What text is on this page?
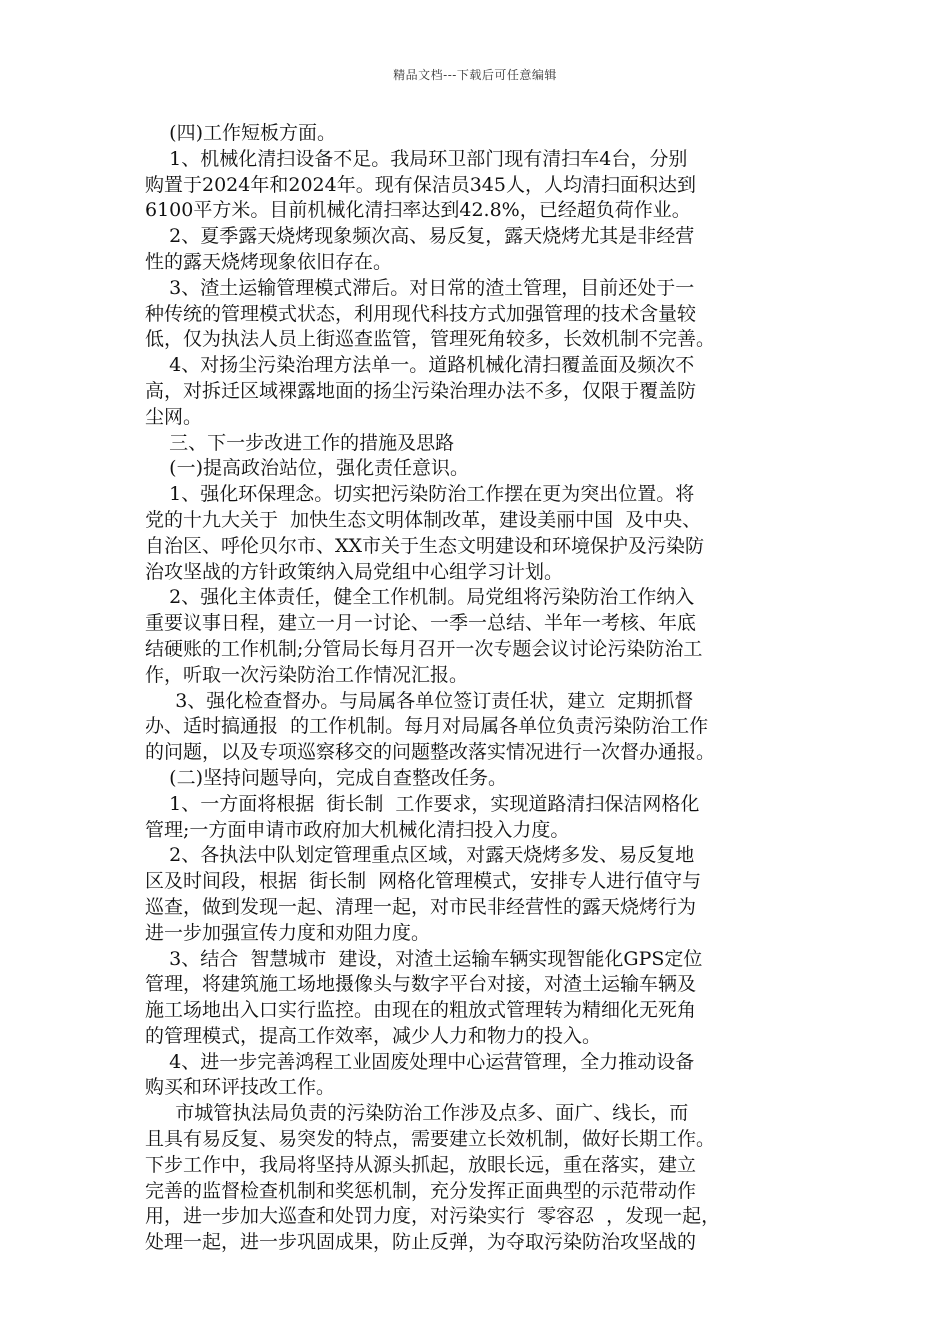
精品文档---下载后可任意编辑
(四)工作短板方面。
1、机械化清扫设备不足。我局环卫部门现有清扫车4台，分别
购置于2024年和2024年。现有保洁员345人，人均清扫面积达到
6100平方米。目前机械化清扫率达到42.8%，已经超负荷作业。
2、夏季露天烧烤现象频次高、易反复，露天烧烤尤其是非经营
性的露天烧烤现象依旧存在。
3、渣土运输管理模式滞后。对日常的渣土管理，目前还处于一
种传统的管理模式状态，利用现代科技方式加强管理的技术含量较
低，仅为执法人员上街巡查监管，管理死角较多，长效机制不完善。
4、对扬尘污染治理方法单一。道路机械化清扫覆盖面及频次不
高，对拆迁区域裸露地面的扬尘污染治理办法不多，仅限于覆盖防
尘网。
三、下一步改进工作的措施及思路
(一)提高政治站位，强化责任意识。
1、强化环保理念。切实把污染防治工作摆在更为突出位置。将
党的十九大关于  加快生态文明体制改革，建设美丽中国  及中央、
自治区、呼伦贝尔市、XX市关于生态文明建设和环境保护及污染防
治攻坚战的方针政策纳入局党组中心组学习计划。
2、强化主体责任，健全工作机制。局党组将污染防治工作纳入
重要议事日程，建立一月一讨论、一季一总结、半年一考核、年底
结硬账的工作机制;分管局长每月召开一次专题会议讨论污染防治工
作，听取一次污染防治工作情况汇报。
3、强化检查督办。与局属各单位签订责任状，建立  定期抓督
办、适时搞通报  的工作机制。每月对局属各单位负责污染防治工作
的问题，以及专项巡察移交的问题整改落实情况进行一次督办通报。
(二)坚持问题导向，完成自查整改任务。
1、一方面将根据  街长制  工作要求，实现道路清扫保洁网格化
管理;一方面申请市政府加大机械化清扫投入力度。
2、各执法中队划定管理重点区域，对露天烧烤多发、易反复地
区及时间段，根据  街长制  网格化管理模式，安排专人进行值守与
巡查，做到发现一起、清理一起，对市民非经营性的露天烧烤行为
进一步加强宣传力度和劝阻力度。
3、结合  智慧城市  建设，对渣土运输车辆实现智能化GPS定位
管理，将建筑施工场地摄像头与数字平台对接，对渣土运输车辆及
施工场地出入口实行监控。由现在的粗放式管理转为精细化无死角
的管理模式，提高工作效率，减少人力和物力的投入。
4、进一步完善鸿程工业固废处理中心运营管理，全力推动设备
购买和环评技改工作。
市城管执法局负责的污染防治工作涉及点多、面广、线长，而
且具有易反复、易突发的特点，需要建立长效机制，做好长期工作。
下步工作中，我局将坚持从源头抓起，放眼长远，重在落实，建立
完善的监督检查机制和奖惩机制，充分发挥正面典型的示范带动作
用，进一步加大巡查和处罚力度，对污染实行  零容忍  ，发现一起，
处理一起，进一步巩固成果，防止反弹，为夺取污染防治攻坚战的
